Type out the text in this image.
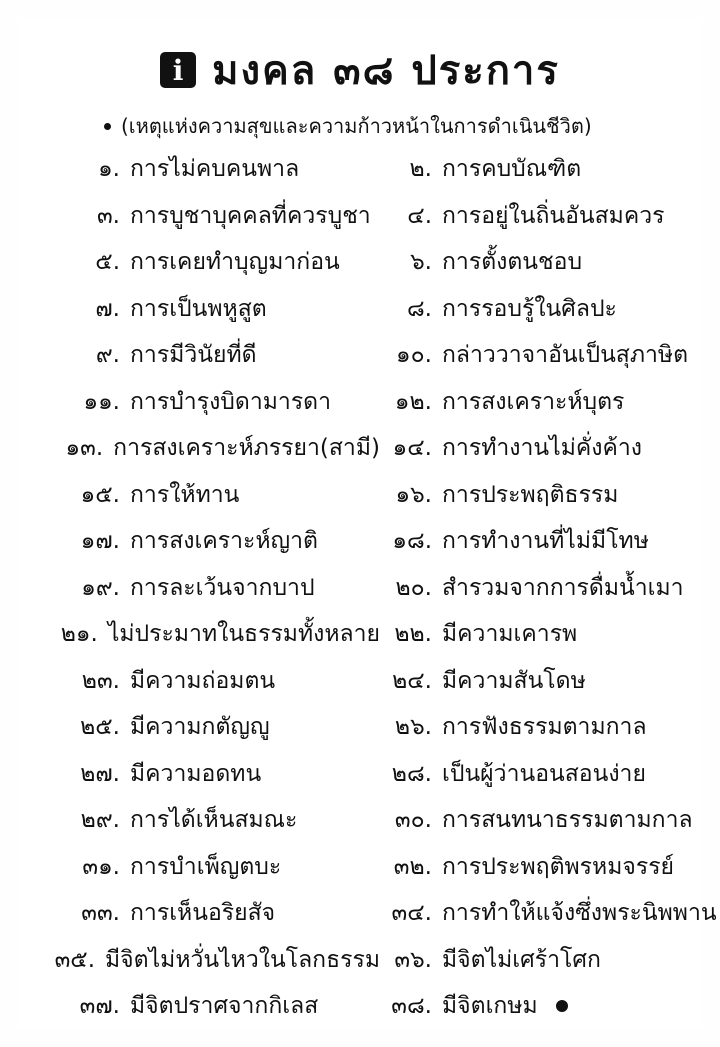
i มงคล ๓๘ ประการ
(เหตุแห่งความสุขและความก้าวหน้าในการดำเนินชีวิต)
๑. การไม่คบคนพาล	๒. การคบบัณฑิต
๓. การบูชาบุคคลที่ควรบูชา	๔. การอยู่ในถิ่นอันสมควร
๕. การเคยทำบุญมาก่อน	๖. การตั้งตนชอบ
๗. การเป็นพหูสูต	๘. การรอบรู้ในศิลปะ
๙. การมีวินัยที่ดี	๑๐. กล่าววาจาอันเป็นสุภาษิต
๑๑. การบำรุงบิดามารดา	๑๒. การสงเคราะห์บุตร
๑๓. การสงเคราะห์ภรรยา(สามี) ๑๔. การทำงานไม่คั่งค้าง
๑๕. การให้ทาน	๑๖. การประพฤติธรรม
๑๗. การสงเคราะห์ญาติ	๑๘. การทำงานที่ไม่มีโทษ
๑๙. การละเว้นจากบาป	๒๐. สำรวมจากการดื่มน้ำเมา
๒๑. ไม่ประมาทในธรรมทั้งหลาย ๒๒. มีความเคารพ
๒๓. มีความถ่อมตน	๒๔. มีความสันโดษ
๒๕. มีความกตัญญู	๒๖. การฟังธรรมตามกาล
๒๗. มีความอดทน	๒๘. เป็นผู้ว่านอนสอนง่าย
๒๙. การได้เห็นสมณะ	๓๐. การสนทนาธรรมตามกาล
๓๑. การบำเพ็ญตบะ	๓๒. การประพฤติพรหมจรรย์
๓๓. การเห็นอริยสัจ	๓๔. การทำให้แจ้งซึ่งพระนิพพาน
๓๕. มีจิตไม่หวั่นไหวในโลกธรรม ๓๖. มีจิตไม่เศร้าโศก
๓๗. มีจิตปราศจากกิเลส	๓๘. มีจิตเกษม
